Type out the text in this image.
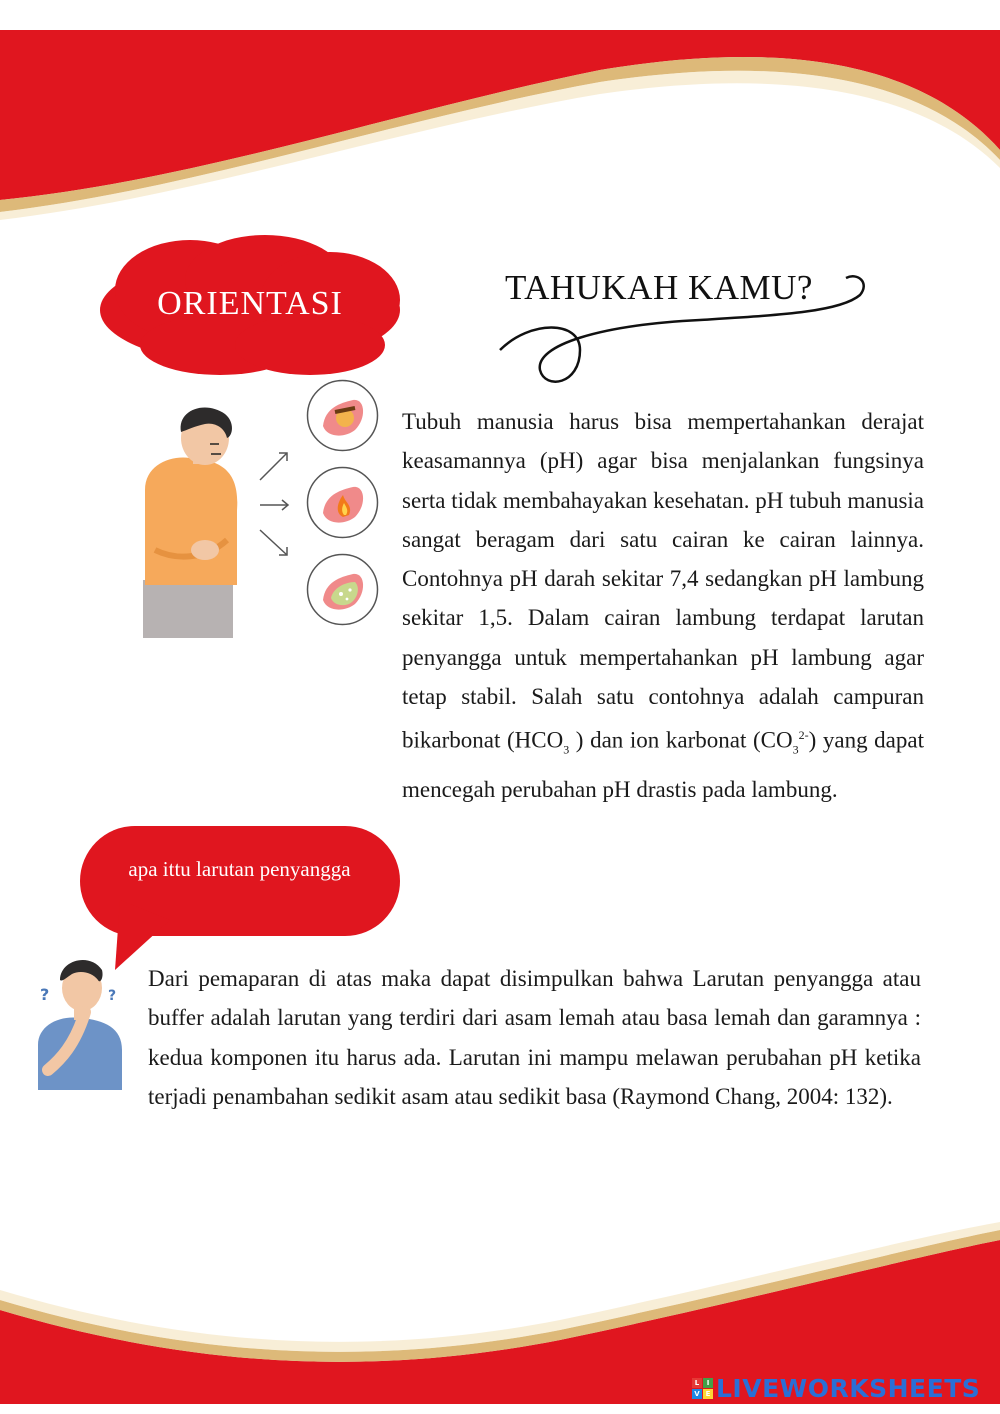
?	?
ORIENTASI	TAHUKAH KAMU?
Tubuh manusia harus bisa mempertahankan derajat keasamannya (pH) agar bisa menjalankan fungsinya serta tidak membahayakan kesehatan. pH tubuh manusia sangat beragam dari satu cairan ke cairan lainnya. Contohnya pH darah sekitar 7,4 sedangkan pH lambung sekitar 1,5. Dalam cairan lambung terdapat larutan penyangga untuk mempertahankan pH lambung agar tetap stabil. Salah satu contohnya adalah campuran bikarbonat ($HCO_3$ ) dan ion karbonat $(CO_3^{2-})$ yang dapat mencegah perubahan pH drastis pada lambung.
apa ittu larutan penyangga
Dari pemaparan di atas maka dapat disimpulkan bahwa Larutan penyangga atau buffer adalah larutan yang terdiri dari asam lemah atau basa lemah dan garamnya : kedua komponen itu harus ada. Larutan ini mampu melawan perubahan pH ketika terjadi penambahan sedikit asam atau sedikit basa (Raymond Chang, 2004: 132).
L	I
V E LIVEWORKSHEETS
